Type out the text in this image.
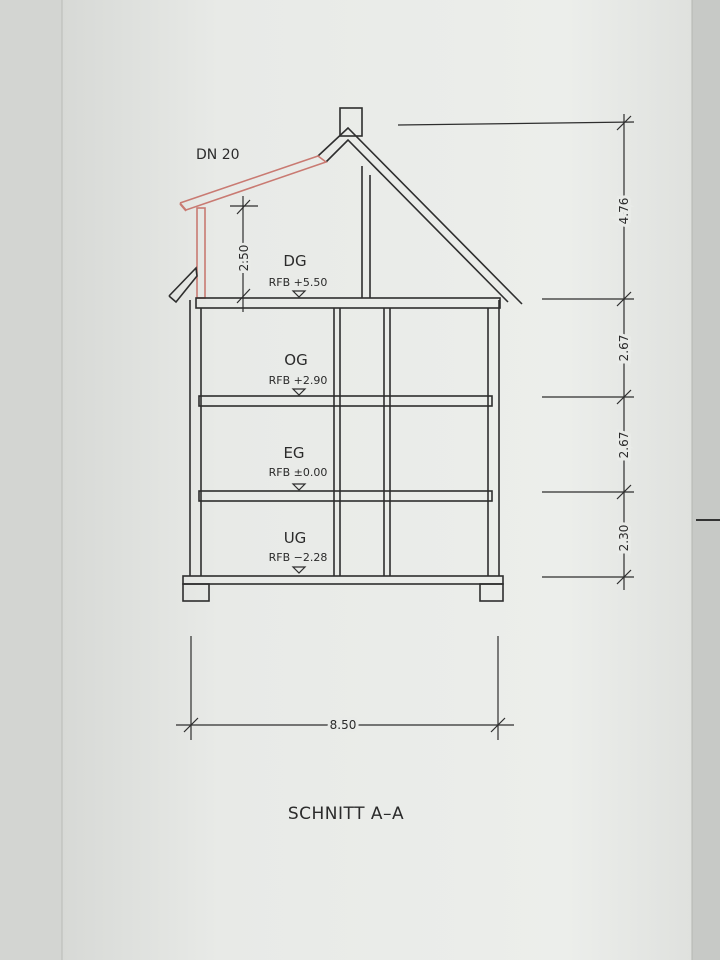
2.50
DN 20
DG
RFB +5.50
OG
RFB +2.90
EG
RFB ±0.00
UG
RFB −2.28
4.76
2.67
2.67
2.30
8.50
SCHNITT A–A
